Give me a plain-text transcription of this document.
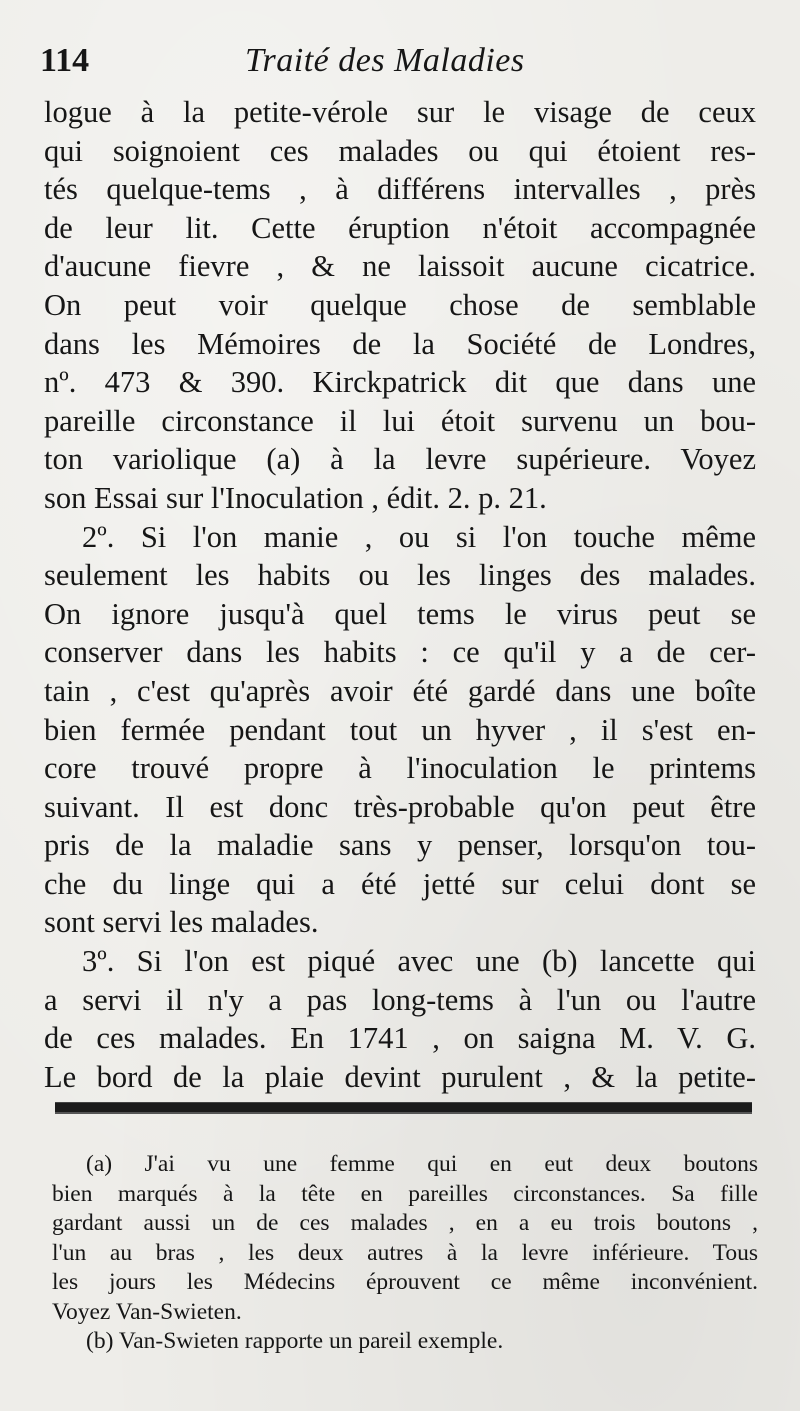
114	Traité des Maladies
logue à la petite-vérole sur le visage de ceux
qui soignoient ces malades ou qui étoient res-
tés quelque-tems , à différens intervalles , près
de leur lit. Cette éruption n'étoit accompagnée
d'aucune fievre , & ne laissoit aucune cicatrice.
On peut voir quelque chose de semblable
dans les Mémoires de la Société de Londres,
nº. 473 & 390. Kirckpatrick dit que dans une
pareille circonstance il lui étoit survenu un bou-
ton variolique (a) à la levre supérieure. Voyez
son Essai sur l'Inoculation , édit. 2. p. 21.
2º. Si l'on manie , ou si l'on touche même
seulement les habits ou les linges des malades.
On ignore jusqu'à quel tems le virus peut se
conserver dans les habits : ce qu'il y a de cer-
tain , c'est qu'après avoir été gardé dans une boîte
bien fermée pendant tout un hyver , il s'est en-
core trouvé propre à l'inoculation le printems
suivant. Il est donc très-probable qu'on peut être
pris de la maladie sans y penser, lorsqu'on tou-
che du linge qui a été jetté sur celui dont se
sont servi les malades.
3º. Si l'on est piqué avec une (b) lancette qui
a servi il n'y a pas long-tems à l'un ou l'autre
de ces malades. En 1741 , on saigna M. V. G.
Le bord de la plaie devint purulent , & la petite-
(a) J'ai vu une femme qui en eut deux boutons
bien marqués à la tête en pareilles circonstances. Sa fille
gardant aussi un de ces malades , en a eu trois boutons ,
l'un au bras , les deux autres à la levre inférieure. Tous
les jours les Médecins éprouvent ce même inconvénient.
Voyez Van-Swieten.
(b) Van-Swieten rapporte un pareil exemple.
